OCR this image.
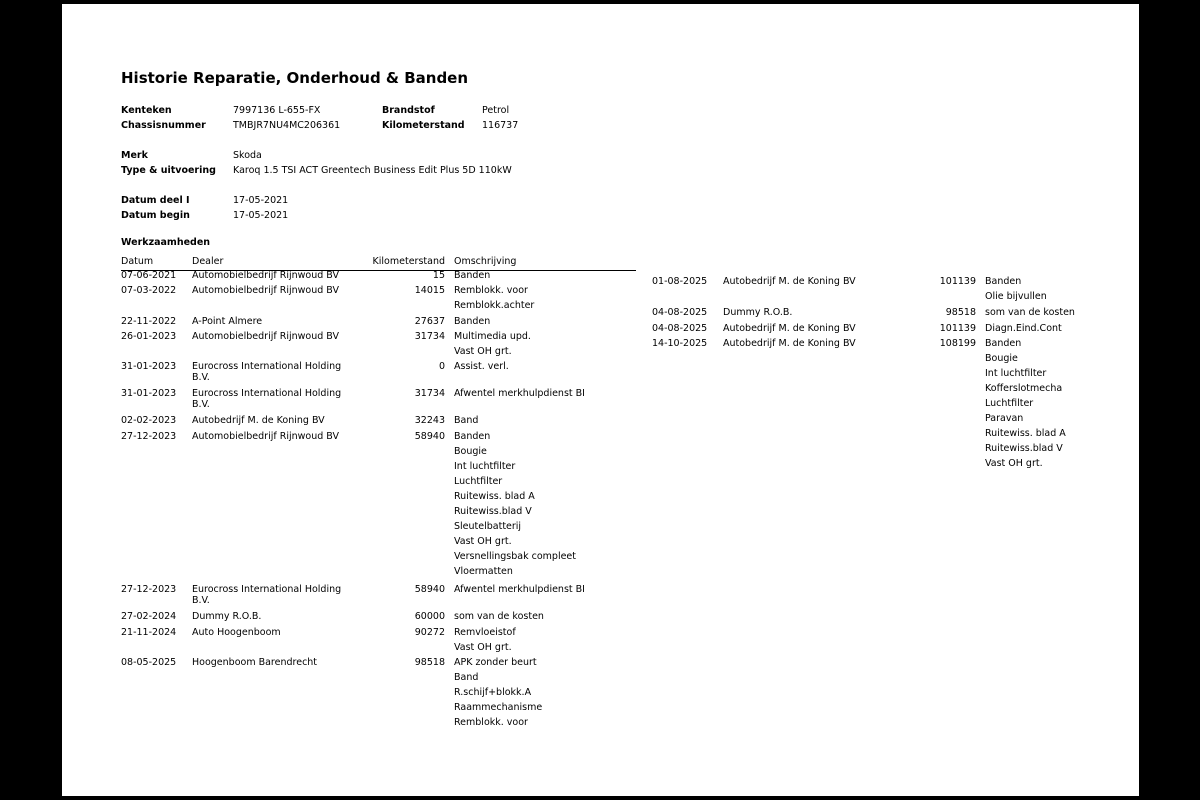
Historie Reparatie, Onderhoud & Banden
Kenteken	7997136 L-655-FX	Brandstof	Petrol
Chassisnummer	TMBJR7NU4MC206361	Kilometerstand 116737
Merk	Skoda
Type & uitvoering Karoq 1.5 TSI ACT Greentech Business Edit Plus 5D 110kW
Datum deel I	17-05-2021
Datum begin	17-05-2021
Werkzaamheden
Datum	Dealer	Kilometerstand Omschrijving
07-06-2021 Automobielbedrijf Rijnwoud BV	15 Banden
07-03-2022 Automobielbedrijf Rijnwoud BV	14015 Remblokk. voor
Remblokk.achter
22-11-2022 A-Point Almere	27637 Banden
26-01-2023 Automobielbedrijf Rijnwoud BV	31734 Multimedia upd.
Vast OH grt.
31-01-2023 Eurocross International Holding
B.V.
0 Assist. verl.
31-01-2023 Eurocross International Holding
B.V.
31734 Afwentel merkhulpdienst BI
02-02-2023 Autobedrijf M. de Koning BV	32243 Band
27-12-2023 Automobielbedrijf Rijnwoud BV	58940 Banden
Bougie
Int luchtfilter
Luchtfilter
Ruitewiss. blad A
Ruitewiss.blad V
Sleutelbatterij
Vast OH grt.
Versnellingsbak compleet
Vloermatten
27-12-2023 Eurocross International Holding
B.V.
58940 Afwentel merkhulpdienst BI
27-02-2024 Dummy R.O.B.	60000 som van de kosten
21-11-2024 Auto Hoogenboom	90272 Remvloeistof
Vast OH grt.
08-05-2025 Hoogenboom Barendrecht	98518 APK zonder beurt
Band
R.schijf+blokk.A
Raammechanisme
Remblokk. voor
01-08-2025 Autobedrijf M. de Koning BV	101139 Banden
Olie bijvullen
04-08-2025 Dummy R.O.B.	98518 som van de kosten
04-08-2025 Autobedrijf M. de Koning BV	101139 Diagn.Eind.Cont
14-10-2025 Autobedrijf M. de Koning BV	108199 Banden
Bougie
Int luchtfilter
Kofferslotmecha
Luchtfilter
Paravan
Ruitewiss. blad A
Ruitewiss.blad V
Vast OH grt.
